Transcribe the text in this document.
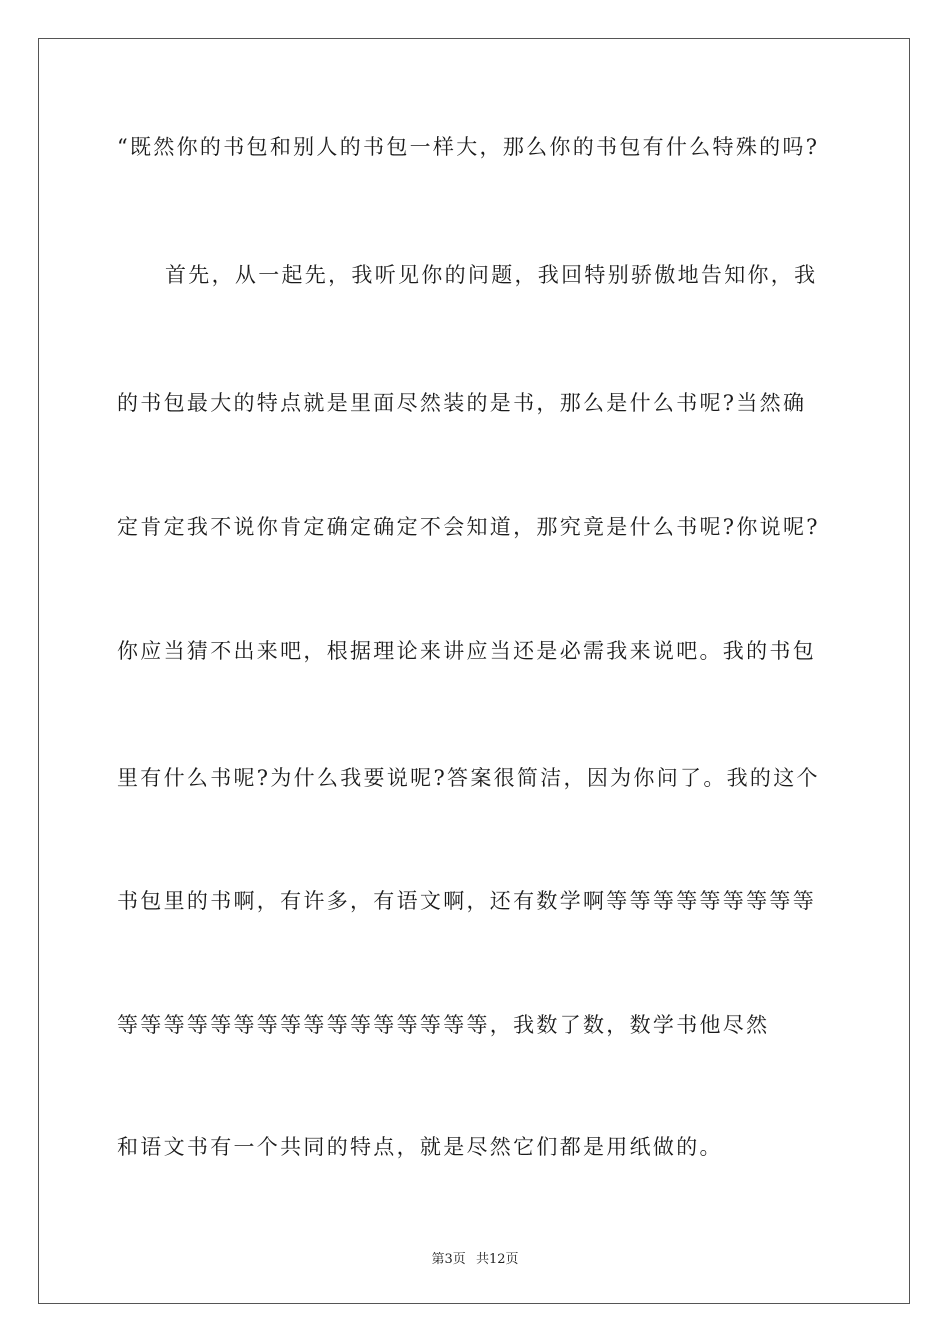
“既然你的书包和别人的书包一样大，那么你的书包有什么特殊的吗?
首先，从一起先，我听见你的问题，我回特别骄傲地告知你，我
的书包最大的特点就是里面尽然装的是书，那么是什么书呢?当然确
定肯定我不说你肯定确定确定不会知道，那究竟是什么书呢?你说呢?
你应当猜不出来吧，根据理论来讲应当还是必需我来说吧。我的书包
里有什么书呢?为什么我要说呢?答案很简洁，因为你问了。我的这个
书包里的书啊，有许多，有语文啊，还有数学啊等等等等等等等等等
等等等等等等等等等等等等等等等等，我数了数，数学书他尽然
和语文书有一个共同的特点，就是尽然它们都是用纸做的。
第3页 共12页
